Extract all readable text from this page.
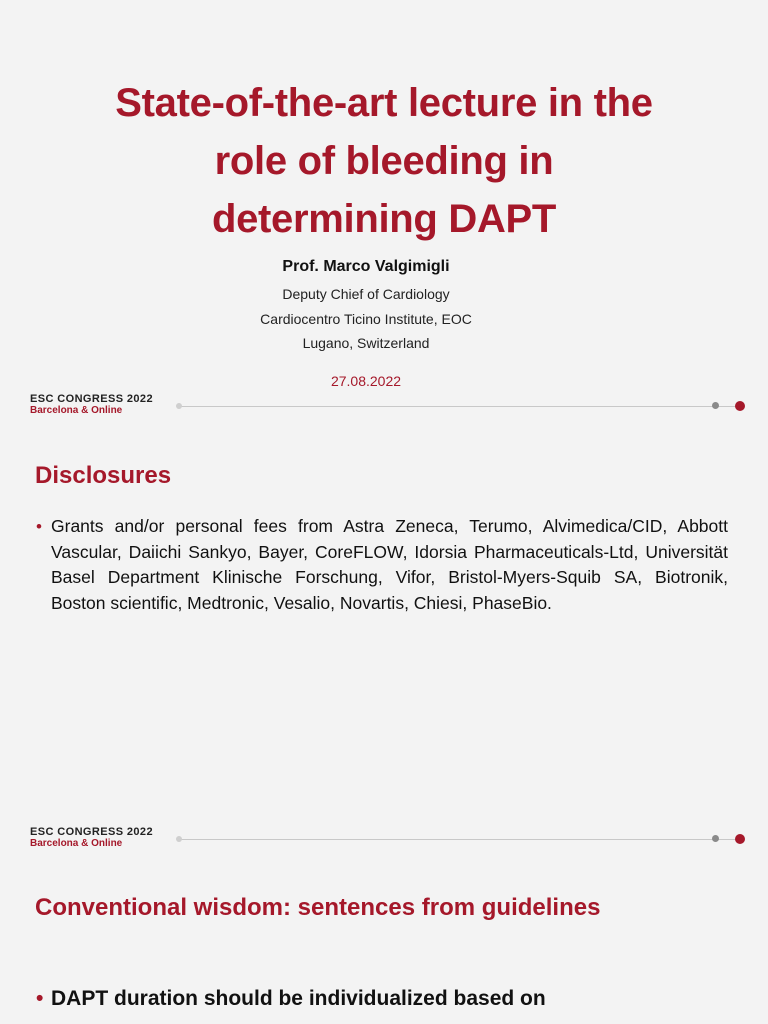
State-of-the-art lecture in the
role of bleeding in
determining DAPT
Prof. Marco Valgimigli
Deputy Chief of Cardiology
Cardiocentro Ticino Institute, EOC
Lugano, Switzerland
27.08.2022
ESC CONGRESS 2022
Barcelona & Online
Disclosures
• Grants and/or personal fees from Astra Zeneca, Terumo, Alvimedica/CID, Abbott Vascular, Daiichi Sankyo, Bayer, CoreFLOW, Idorsia Pharmaceuticals-Ltd, Universität Basel Department Klinische Forschung, Vifor, Bristol-Myers-Squib SA, Biotronik, Boston scientific, Medtronic, Vesalio, Novartis, Chiesi, PhaseBio.
ESC CONGRESS 2022
Barcelona & Online
Conventional wisdom: sentences from guidelines
• DAPT duration should be individualized based on
